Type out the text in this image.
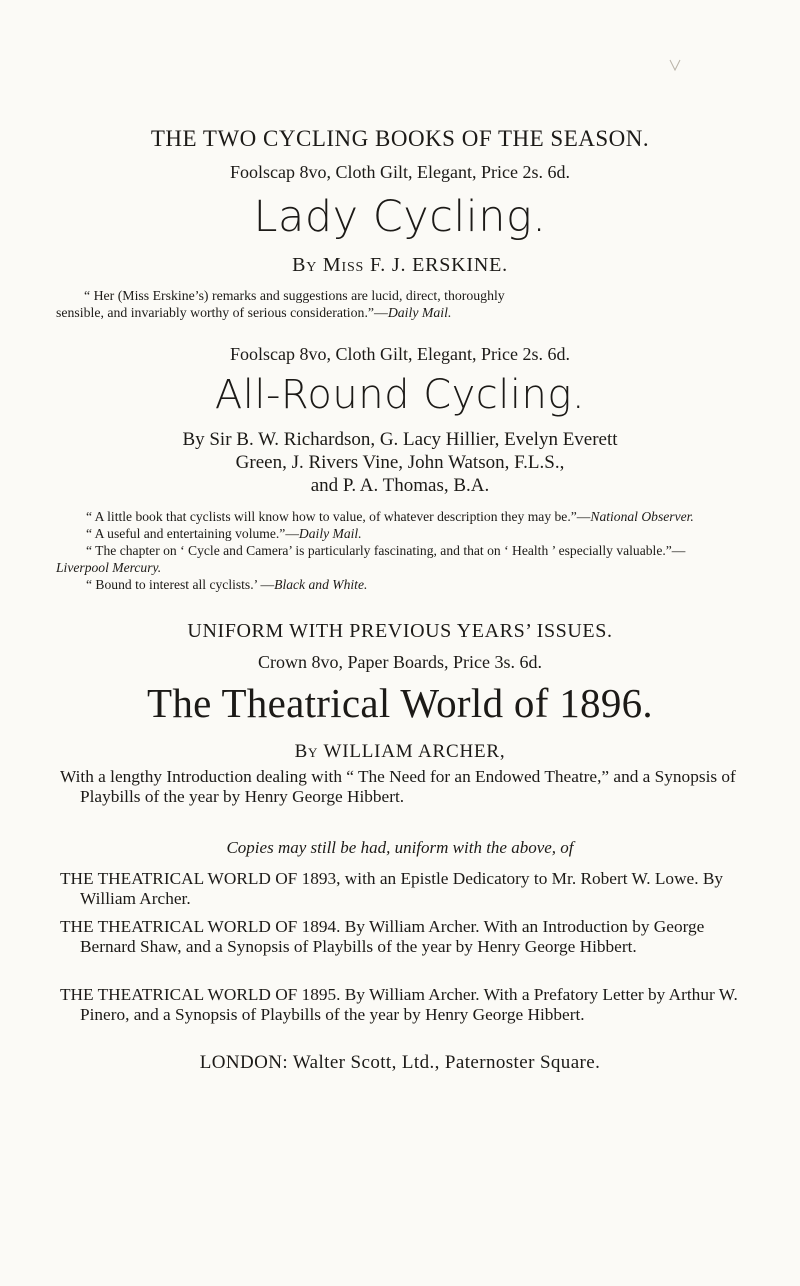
THE TWO CYCLING BOOKS OF THE SEASON.
Foolscap 8vo, Cloth Gilt, Elegant, Price 2s. 6d.
Lady Cycling.
By Miss F. J. ERSKINE.
“ Her (Miss Erskine’s) remarks and suggestions are lucid, direct, thoroughly
sensible, and invariably worthy of serious consideration.”—Daily Mail.
Foolscap 8vo, Cloth Gilt, Elegant, Price 2s. 6d.
All-Round Cycling.
By Sir B. W. Richardson, G. Lacy Hillier, Evelyn Everett
Green, J. Rivers Vine, John Watson, F.L.S.,
and P. A. Thomas, B.A.
“ A little book that cyclists will know how to value, of whatever description they may be.”—National Observer.
“ A useful and entertaining volume.”—Daily Mail.
“ The chapter on ‘ Cycle and Camera’ is particularly fascinating, and that on ‘ Health ’ especially valuable.”—Liverpool Mercury.
“ Bound to interest all cyclists.’ —Black and White.
UNIFORM WITH PREVIOUS YEARS’ ISSUES.
Crown 8vo, Paper Boards, Price 3s. 6d.
The Theatrical World of 1896.
By WILLIAM ARCHER,
With a lengthy Introduction dealing with “ The Need for an Endowed Theatre,” and a Synopsis of Playbills of the year by Henry George Hibbert.
Copies may still be had, uniform with the above, of
THE THEATRICAL WORLD OF 1893, with an Epistle Dedicatory to Mr. Robert W. Lowe. By William Archer.
THE THEATRICAL WORLD OF 1894. By William Archer. With an Introduction by George Bernard Shaw, and a Synopsis of Playbills of the year by Henry George Hibbert.
THE THEATRICAL WORLD OF 1895. By William Archer. With a Prefatory Letter by Arthur W. Pinero, and a Synopsis of Playbills of the year by Henry George Hibbert.
LONDON: Walter Scott, Ltd., Paternoster Square.
